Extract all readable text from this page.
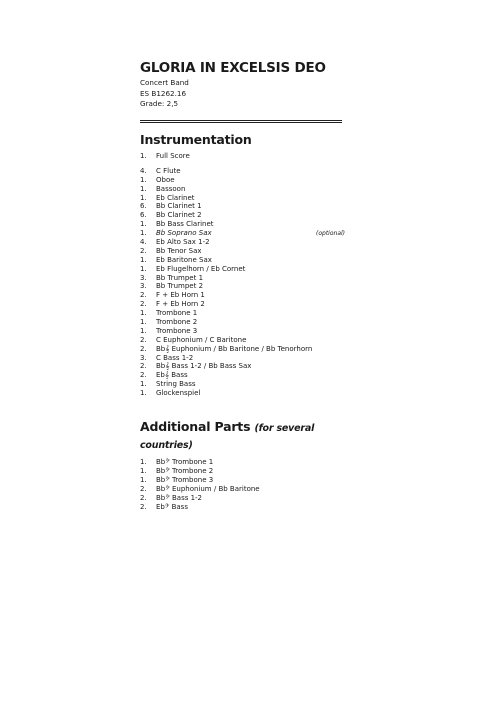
GLORIA IN EXCELSIS DEO
Concert Band
ES B1262.16
Grade: 2,5
Instrumentation
1.	Full Score
4.	C Flute
1.	Oboe
1.	Bassoon
1.	Eb Clarinet
6.	Bb Clarinet 1
6.	Bb Clarinet 2
1.	Bb Bass Clarinet
1.	Bb Soprano Sax	(optional)
4.	Eb Alto Sax 1-2
2.	Bb Tenor Sax
1.	Eb Baritone Sax
1.	Eb Flugelhorn / Eb Cornet
3.	Bb Trumpet 1
3.	Bb Trumpet 2
2.	F + Eb Horn 1
2.	F + Eb Horn 2
1.	Trombone 1
1.	Trombone 2
1.	Trombone 3
2.	C Euphonium / C Baritone
2.	Bb𝄞 Euphonium / Bb Baritone / Bb Tenorhorn
3.	C Bass 1-2
2.	Bb𝄞 Bass 1-2 / Bb Bass Sax
2.	Eb𝄞 Bass
1.	String Bass
1.	Glockenspiel
Additional Parts (for several countries)
1.	Bb𝄢 Trombone 1
1.	Bb𝄢 Trombone 2
1.	Bb𝄢 Trombone 3
2.	Bb𝄢 Euphonium / Bb Baritone
2.	Bb𝄢 Bass 1-2
2.	Eb𝄢 Bass
